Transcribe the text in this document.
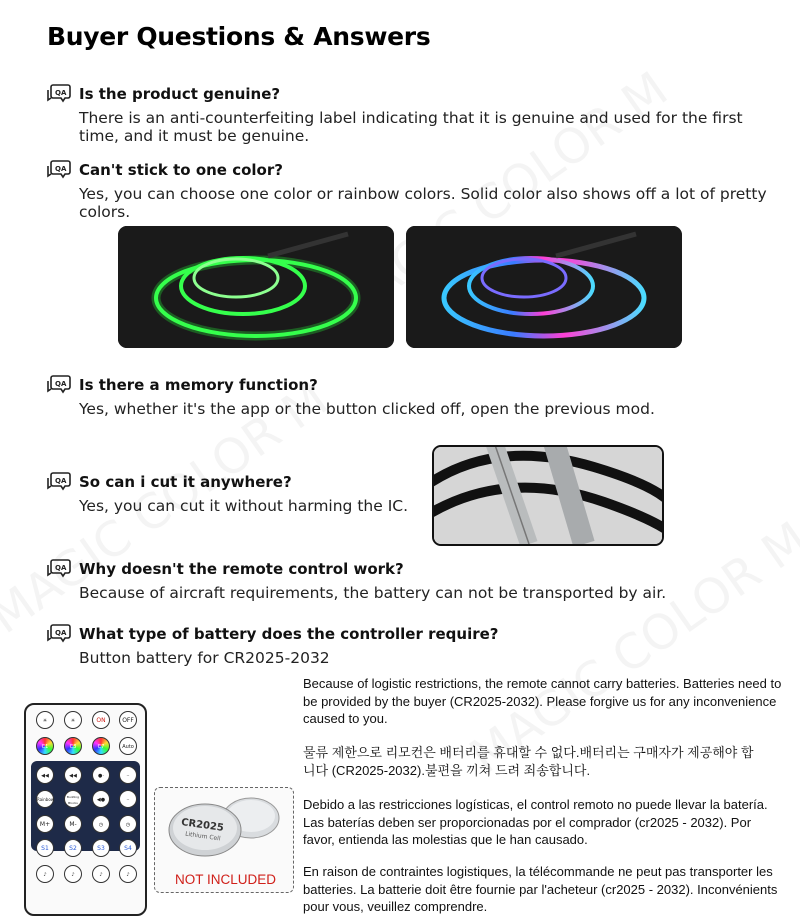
Buyer Questions & Answers
QA Is the product genuine?
There is an anti-counterfeiting label indicating that it is genuine and used for the first time, and it must be genuine.
QA Can't stick to one color?
Yes, you can choose one color or rainbow colors. Solid color also shows off a lot of pretty colors.
QA Is there a memory function?
Yes, whether it's the app or the button clicked off, open the previous mod.
QA So can i cut it anywhere?
Yes, you can cut it without harming the IC.
QA Why doesn't the remote control work?
Because of aircraft requirements, the battery can not be transported by air.
QA What type of battery does the controller require?
Button battery for CR2025-2032
☀	☀	ON	OFF
C1	C3	C7	Auto
◀◀	◀◀	●·	··
Rainbow	Building Blocks	◀●	··
M+	M-	◷	◷
S1	S2	S3	S4
♪	♪	♪	♪
CR2025
Lithium Cell
NOT INCLUDED
Because of logistic restrictions, the remote cannot carry batteries. Batteries need to be provided by the buyer (CR2025-2032). Please forgive us for any inconvenience caused to you.
물류 제한으로 리모컨은 배터리를 휴대할 수 없다.배터리는 구매자가 제공해야 합니다 (CR2025-2032).불편을 끼쳐 드려 죄송합니다.
Debido a las restricciones logísticas, el control remoto no puede llevar la batería. Las baterías deben ser proporcionadas por el comprador (cr2025 - 2032). Por favor, entienda las molestias que le han causado.
En raison de contraintes logistiques, la télécommande ne peut pas transporter les batteries. La batterie doit être fournie par l'acheteur (cr2025 - 2032). Inconvénients pour vous, veuillez comprendre.
